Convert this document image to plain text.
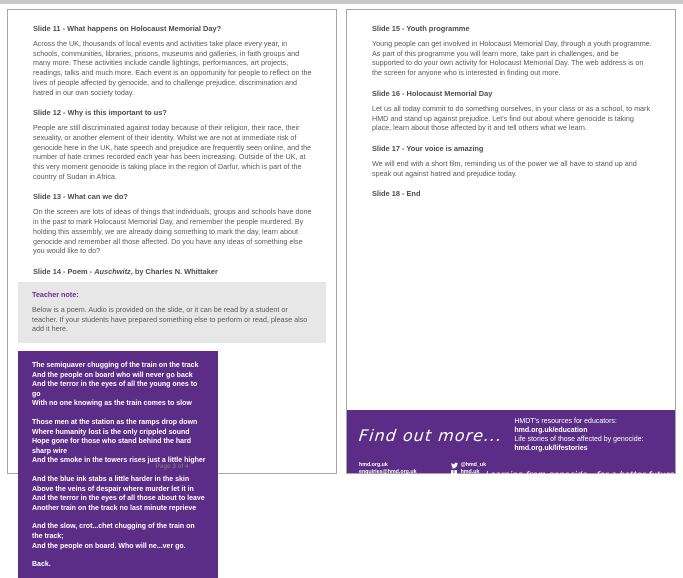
Slide 11 - What happens on Holocaust Memorial Day?
Across the UK, thousands of local events and activities take place every year, in schools, communities, libraries, prisons, museums and galleries, in faith groups and many more. These activities include candle lightings, performances, art projects, readings, talks and much more. Each event is an opportunity for people to reflect on the lives of people affected by genocide, and to challenge prejudice, discrimination and hatred in our own society today.
Slide 12 - Why is this important to us?
People are still discriminated against today because of their religion, their race, their sexuality, or another element of their identity. Whilst we are not at immediate risk of genocide here in the UK, hate speech and prejudice are frequently seen online, and the number of hate crimes recorded each year has been increasing. Outside of the UK, at this very moment genocide is taking place in the region of Darfur, which is part of the country of Sudan in Africa.
Slide 13 - What can we do?
On the screen are lots of ideas of things that individuals, groups and schools have done in the past to mark Holocaust Memorial Day, and remember the people murdered. By holding this assembly, we are already doing something to mark the day, learn about genocide and remember all those affected. Do you have any ideas of something else you would like to do?
Slide 14 - Poem - Auschwitz, by Charles N. Whittaker
Teacher note:
Below is a poem. Audio is provided on the slide, or it can be read by a student or teacher. If your students have prepared something else to perform or read, please also add it here.
The semiquaver chugging of the train on the track
And the people on board who will never go back
And the terror in the eyes of all the young ones to go
With no one knowing as the train comes to slow
Those men at the station as the ramps drop down
Where humanity lost is the only crippled sound
Hope gone for those who stand behind the hard sharp wire
And the smoke in the towers rises just a little higher
And the blue ink stabs a little harder in the skin
Above the veins of despair where murder let it in
And the terror in the eyes of all those about to leave
Another train on the track no last minute reprieve
And the slow, crot...chet chugging of the train on the track;
And the people on board. Who will ne...ver go.
Back.
Page 3 of 4
Slide 15 - Youth programme
Young people can get involved in Holocaust Memorial Day, through a youth programme. As part of this programme you will learn more, take part in challenges, and be supported to do your own activity for Holocaust Memorial Day. The web address is on the screen for anyone who is interested in finding out more.
Slide 16 - Holocaust Memorial Day
Let us all today commit to do something ourselves, in your class or as a school, to mark HMD and stand up against prejudice. Let's find out about where genocide is taking place, learn about those affected by it and tell others what we learn.
Slide 17 - Your voice is amazing
We will end with a short film, reminding us of the power we all have to stand up and speak out against hatred and prejudice today.
Slide 18 - End
Find out more...
HMDT's resources for educators: hmd.org.uk/education
Life stories of those affected by genocide: hmd.org.uk/lifestories
hmd.org.uk
enquiries@hmd.org.uk
020 7785 7029
@hmd_uk
f	hmd.uk Learning from genocide - for a better future
